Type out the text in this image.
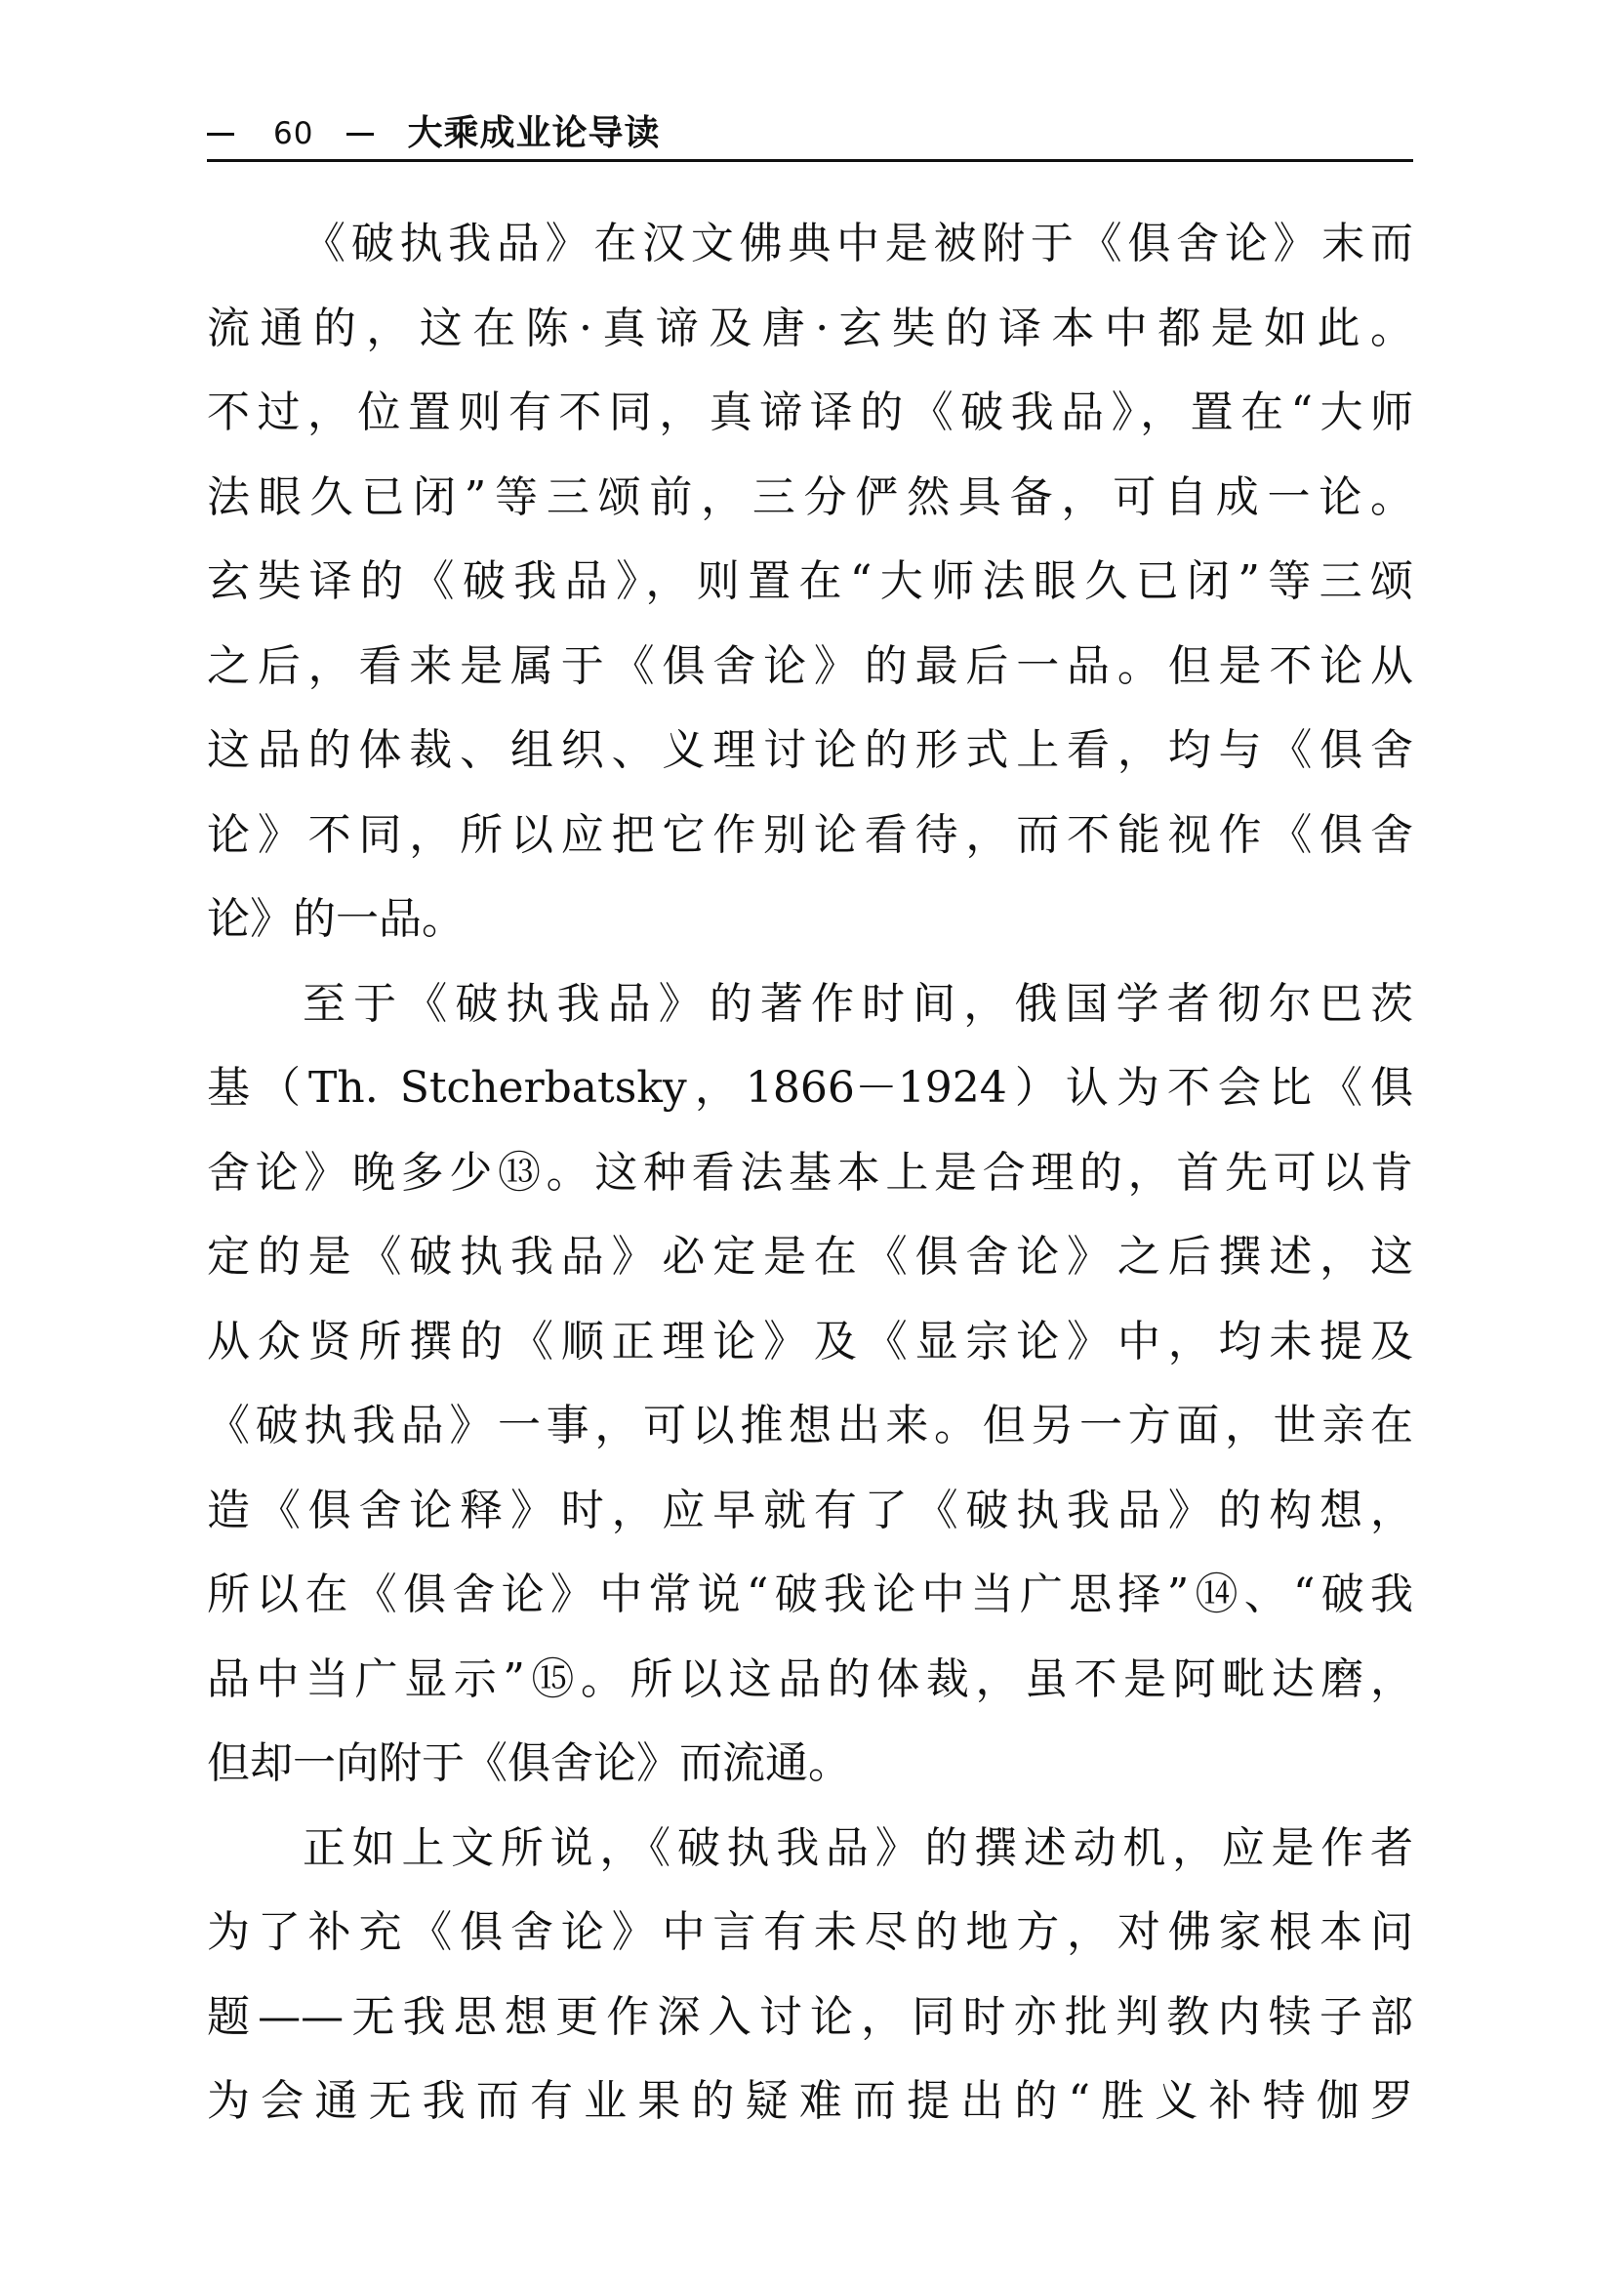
60	大乘成业论导读
《破执我品》在汉文佛典中是被附于《俱舍论》末而
流通的，这在陈·真谛及唐·玄奘的译本中都是如此。
不过，位置则有不同，真谛译的《破我品》，置在“大师
法眼久已闭”等三颂前，三分俨然具备，可自成一论。
玄奘译的《破我品》，则置在“大师法眼久已闭”等三颂
之后，看来是属于《俱舍论》的最后一品。但是不论从
这品的体裁、组织、义理讨论的形式上看，均与《俱舍
论》不同，所以应把它作别论看待，而不能视作《俱舍
论》的一品。
至于《破执我品》的著作时间，俄国学者彻尔巴茨
基（Th. Stcherbatsky，1866－1924）认为不会比《俱
舍论》晚多少⑬。这种看法基本上是合理的，首先可以肯
定的是《破执我品》必定是在《俱舍论》之后撰述，这
从众贤所撰的《顺正理论》及《显宗论》中，均未提及
《破执我品》一事，可以推想出来。但另一方面，世亲在
造《俱舍论释》时，应早就有了《破执我品》的构想，
所以在《俱舍论》中常说“破我论中当广思择”⑭、“破我
品中当广显示”⑮。所以这品的体裁，虽不是阿毗达磨，
但却一向附于《俱舍论》而流通。
正如上文所说，《破执我品》的撰述动机，应是作者
为了补充《俱舍论》中言有未尽的地方，对佛家根本问
题——无我思想更作深入讨论，同时亦批判教内犊子部
为会通无我而有业果的疑难而提出的“胜义补特伽罗
